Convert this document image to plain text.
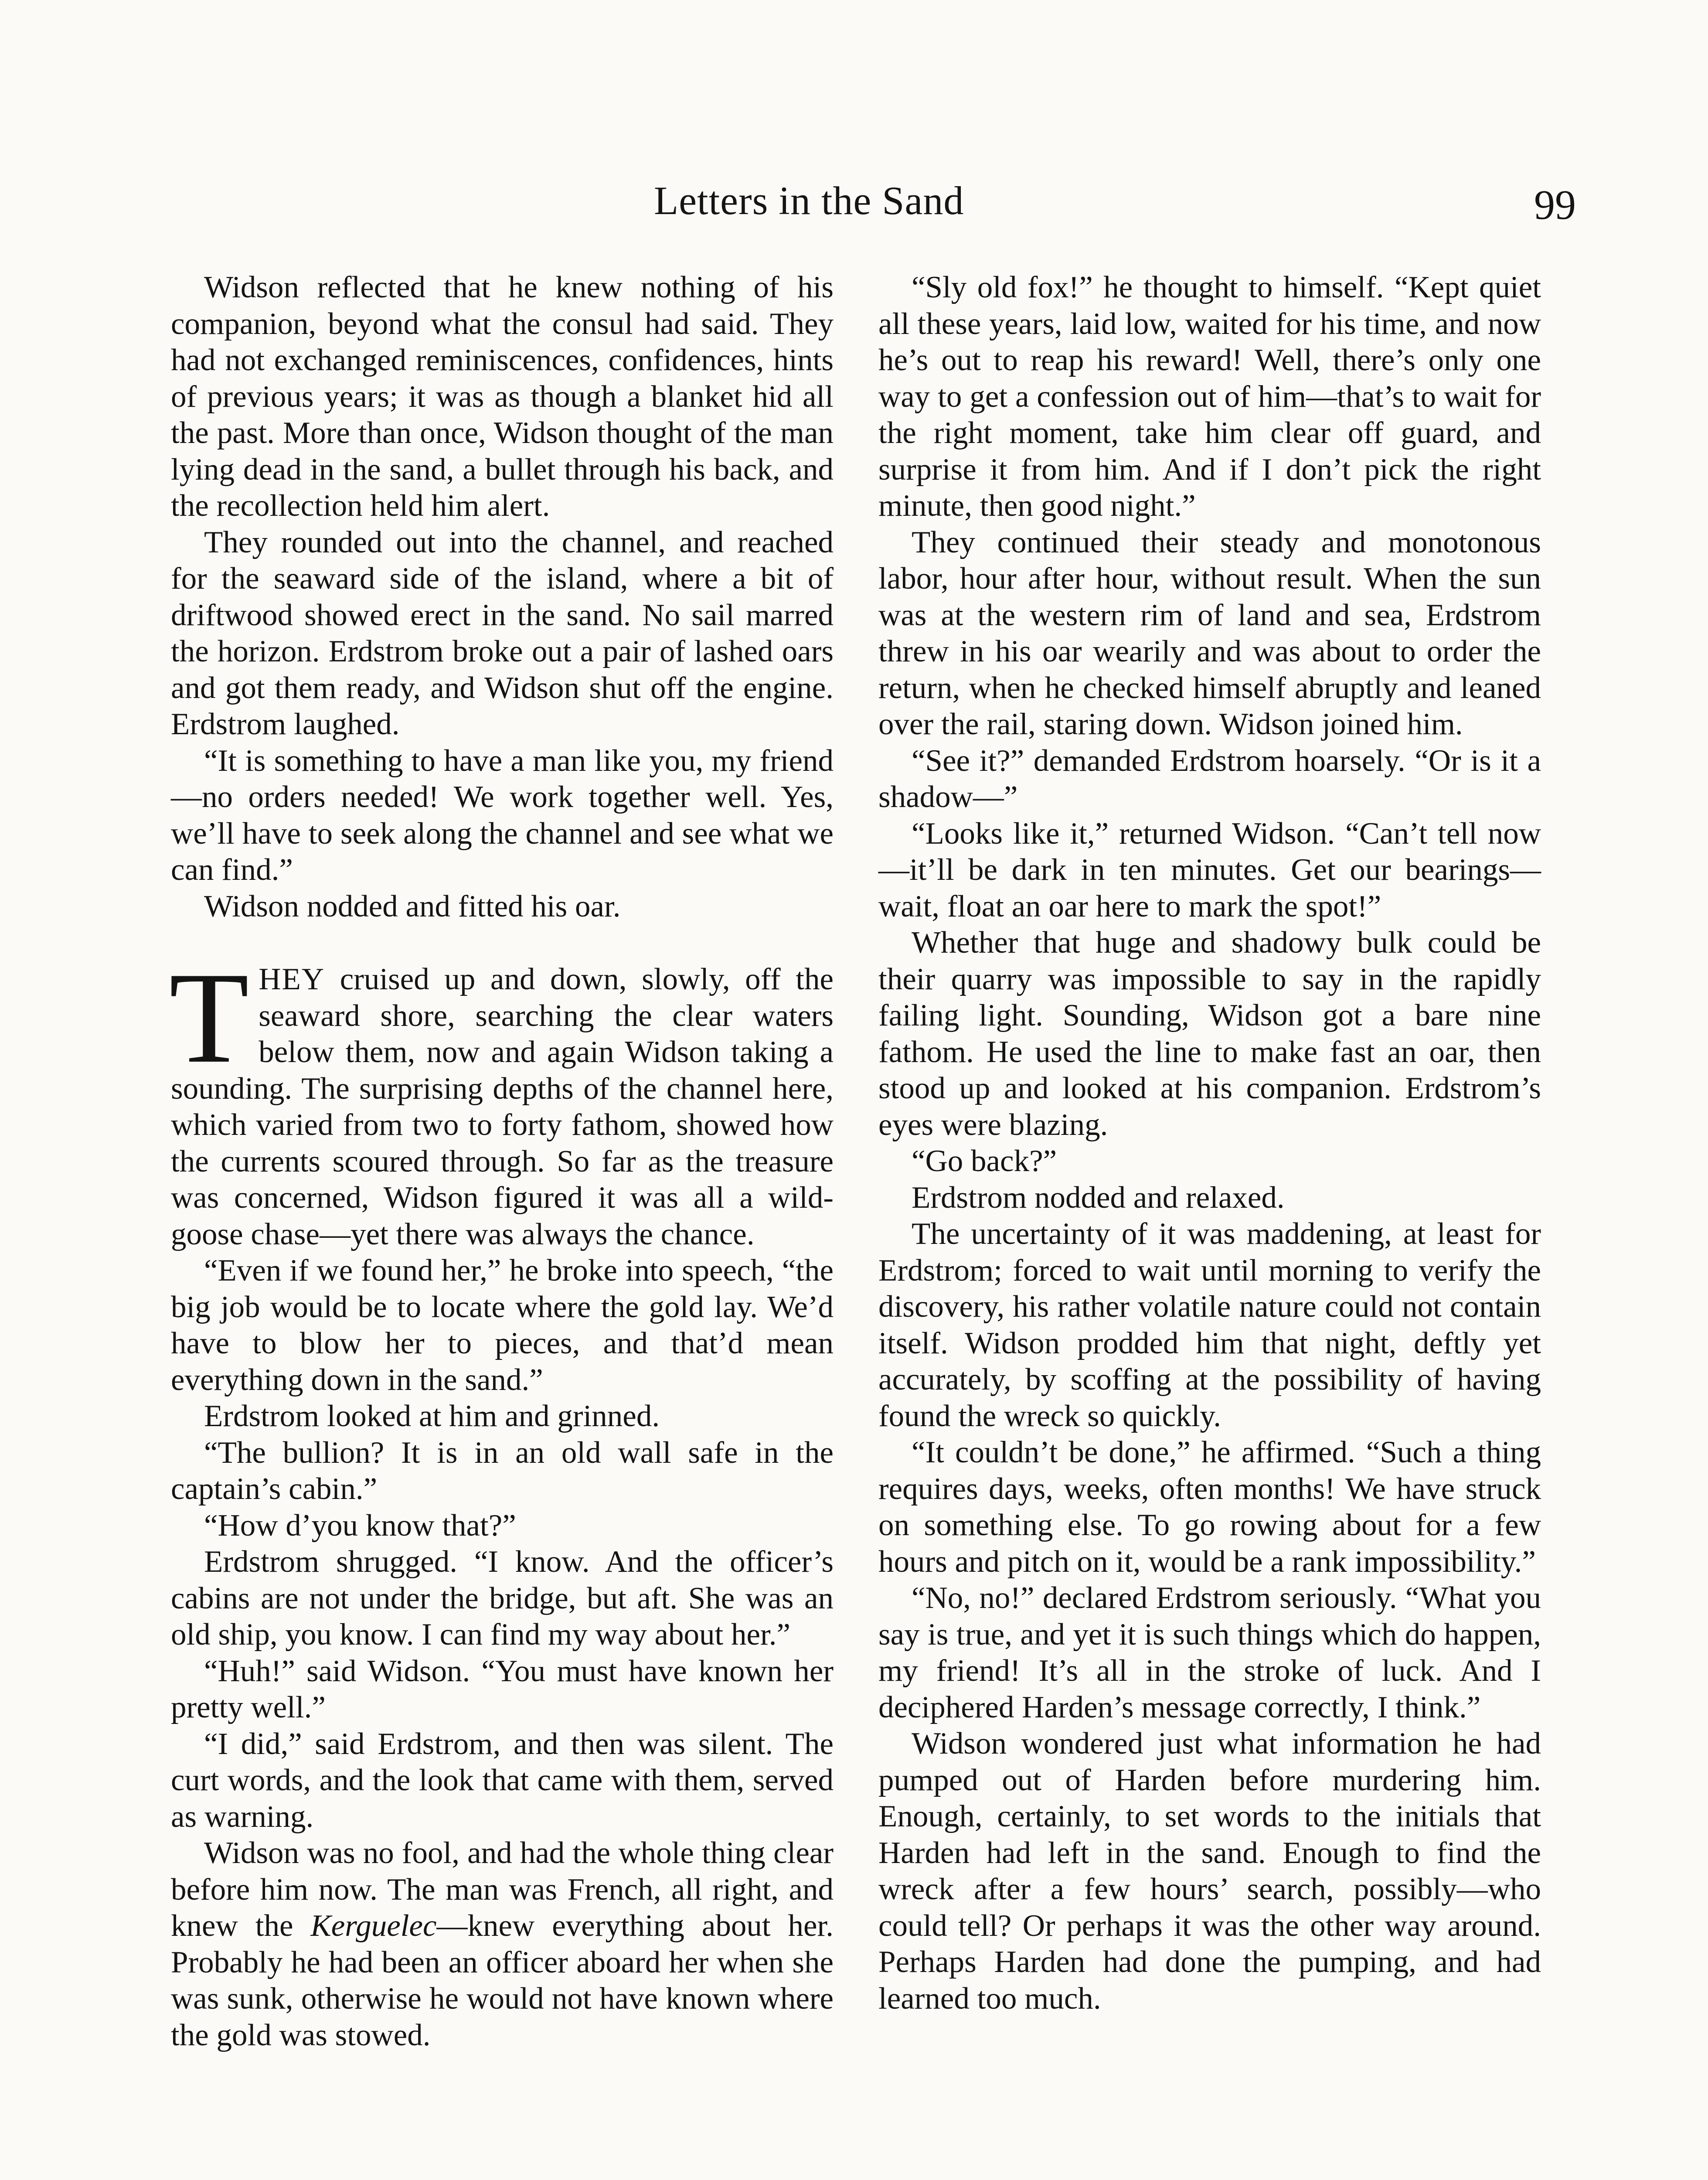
Letters in the Sand	99

Widson reflected that he knew nothing of his companion, beyond what the consul had said. They had not exchanged reminiscences, confidences, hints of previous years; it was as though a blanket hid all the past. More than once, Widson thought of the man lying dead in the sand, a bullet through his back, and the recollection held him alert.

They rounded out into the channel, and reached for the seaward side of the island, where a bit of driftwood showed erect in the sand. No sail marred the horizon. Erdstrom broke out a pair of lashed oars and got them ready, and Widson shut off the engine. Erdstrom laughed.

“It is something to have a man like you, my friend—no orders needed! We work together well. Yes, we’ll have to seek along the channel and see what we can find.”

Widson nodded and fitted his oar.

THEY cruised up and down, slowly, off the seaward shore, searching the clear waters below them, now and again Widson taking a sounding. The surprising depths of the channel here, which varied from two to forty fathom, showed how the currents scoured through. So far as the treasure was concerned, Widson figured it was all a wild-goose chase—yet there was always the chance.

“Even if we found her,” he broke into speech, “the big job would be to locate where the gold lay. We’d have to blow her to pieces, and that’d mean everything down in the sand.”

Erdstrom looked at him and grinned.

“The bullion? It is in an old wall safe in the captain’s cabin.”

“How d’you know that?”

Erdstrom shrugged. “I know. And the officer’s cabins are not under the bridge, but aft. She was an old ship, you know. I can find my way about her.”

“Huh!” said Widson. “You must have known her pretty well.”

“I did,” said Erdstrom, and then was silent. The curt words, and the look that came with them, served as warning.

Widson was no fool, and had the whole thing clear before him now. The man was French, all right, and knew the Kerguelec—knew everything about her. Probably he had been an officer aboard her when she was sunk, otherwise he would not have known where the gold was stowed.

“Sly old fox!” he thought to himself. “Kept quiet all these years, laid low, waited for his time, and now he’s out to reap his reward! Well, there’s only one way to get a confession out of him—that’s to wait for the right moment, take him clear off guard, and surprise it from him. And if I don’t pick the right minute, then good night.”

They continued their steady and monotonous labor, hour after hour, without result. When the sun was at the western rim of land and sea, Erdstrom threw in his oar wearily and was about to order the return, when he checked himself abruptly and leaned over the rail, staring down. Widson joined him.

“See it?” demanded Erdstrom hoarsely. “Or is it a shadow—”

“Looks like it,” returned Widson. “Can’t tell now—it’ll be dark in ten minutes. Get our bearings—wait, float an oar here to mark the spot!”

Whether that huge and shadowy bulk could be their quarry was impossible to say in the rapidly failing light. Sounding, Widson got a bare nine fathom. He used the line to make fast an oar, then stood up and looked at his companion. Erdstrom’s eyes were blazing.

“Go back?”

Erdstrom nodded and relaxed.

The uncertainty of it was maddening, at least for Erdstrom; forced to wait until morning to verify the discovery, his rather volatile nature could not contain itself. Widson prodded him that night, deftly yet accurately, by scoffing at the possibility of having found the wreck so quickly.

“It couldn’t be done,” he affirmed. “Such a thing requires days, weeks, often months! We have struck on something else. To go rowing about for a few hours and pitch on it, would be a rank impossibility.”

“No, no!” declared Erdstrom seriously. “What you say is true, and yet it is such things which do happen, my friend! It’s all in the stroke of luck. And I deciphered Harden’s message correctly, I think.”

Widson wondered just what information he had pumped out of Harden before murdering him. Enough, certainly, to set words to the initials that Harden had left in the sand. Enough to find the wreck after a few hours’ search, possibly—who could tell? Or perhaps it was the other way around. Perhaps Harden had done the pumping, and had learned too much.
